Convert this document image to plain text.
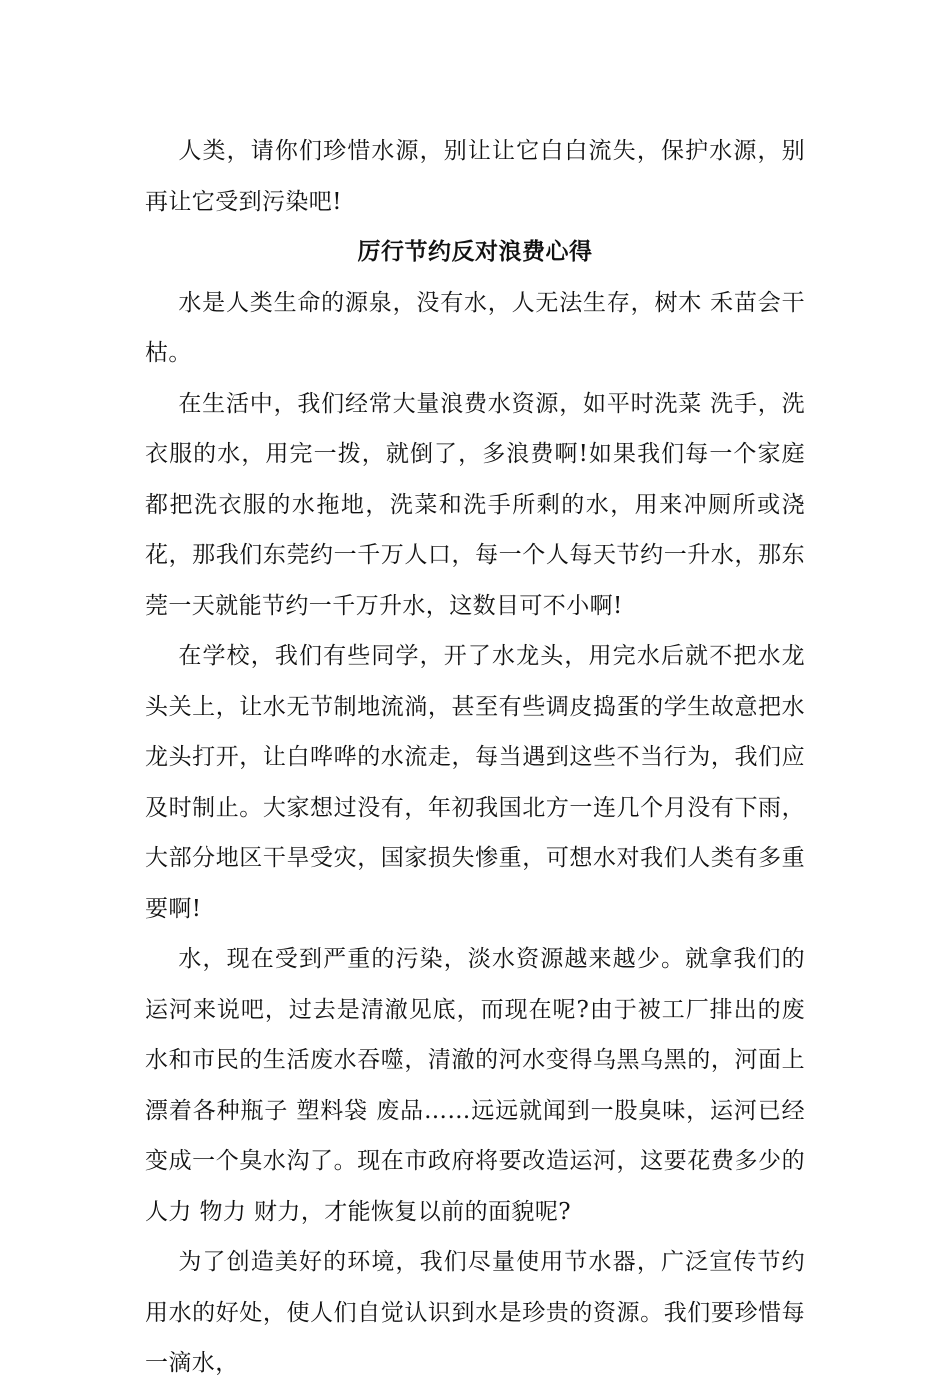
人类，请你们珍惜水源，别让让它白白流失，保护水源，别再让它受到污染吧!

厉行节约反对浪费心得

水是人类生命的源泉，没有水，人无法生存，树木 禾苗会干枯。

在生活中，我们经常大量浪费水资源，如平时洗菜 洗手，洗衣服的水，用完一拨，就倒了，多浪费啊!如果我们每一个家庭都把洗衣服的水拖地，洗菜和洗手所剩的水，用来冲厕所或浇花，那我们东莞约一千万人口，每一个人每天节约一升水，那东莞一天就能节约一千万升水，这数目可不小啊!

在学校，我们有些同学，开了水龙头，用完水后就不把水龙头关上，让水无节制地流淌，甚至有些调皮捣蛋的学生故意把水龙头打开，让白哗哗的水流走，每当遇到这些不当行为，我们应及时制止。大家想过没有，年初我国北方一连几个月没有下雨，大部分地区干旱受灾，国家损失惨重，可想水对我们人类有多重要啊!

水，现在受到严重的污染，淡水资源越来越少。就拿我们的运河来说吧，过去是清澈见底，而现在呢?由于被工厂排出的废水和市民的生活废水吞噬，清澈的河水变得乌黑乌黑的，河面上漂着各种瓶子 塑料袋 废品……远远就闻到一股臭味，运河已经变成一个臭水沟了。现在市政府将要改造运河，这要花费多少的人力 物力 财力，才能恢复以前的面貌呢?

为了创造美好的环境，我们尽量使用节水器，广泛宣传节约用水的好处，使人们自觉认识到水是珍贵的资源。我们要珍惜每一滴水，
